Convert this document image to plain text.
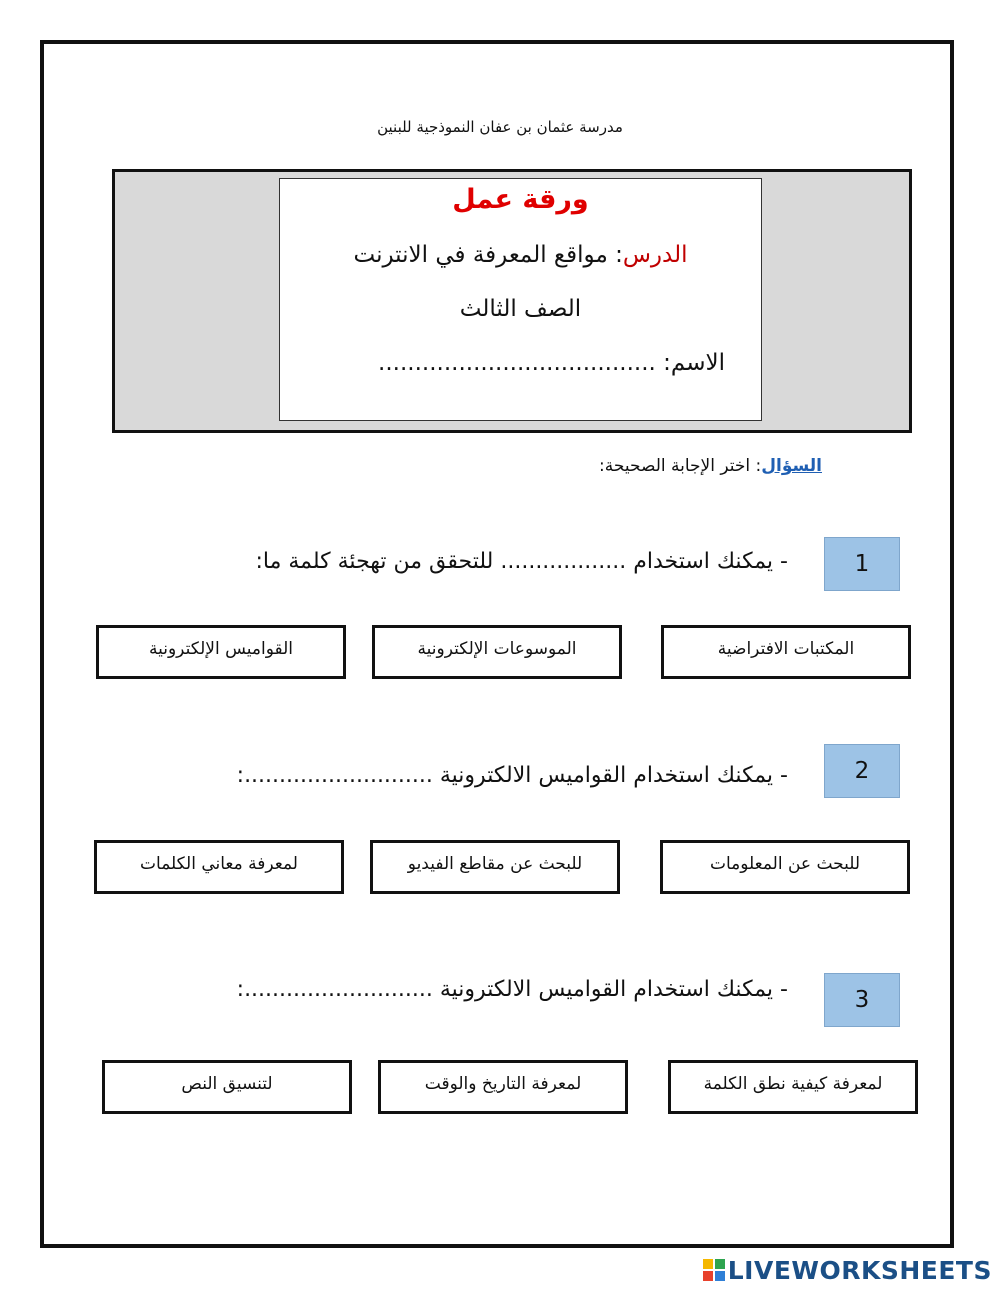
مدرسة عثمان بن عفان النموذجية للبنين
ورقة عمل
الدرس: مواقع المعرفة في الانترنت
الصف الثالث
الاسم: ......................................
السؤال: اختر الإجابة الصحيحة:
1
- يمكنك استخدام .................. للتحقق من تهجئة كلمة ما:
المكتبات الافتراضية
الموسوعات الإلكترونية
القواميس الإلكترونية
2
- يمكنك استخدام القواميس الالكترونية ...........................:
للبحث عن المعلومات
للبحث عن مقاطع الفيديو
لمعرفة معاني الكلمات
3
- يمكنك استخدام القواميس الالكترونية ...........................:
لمعرفة كيفية نطق الكلمة
لمعرفة التاريخ والوقت
لتنسيق النص
LIVEWORKSHEETS
